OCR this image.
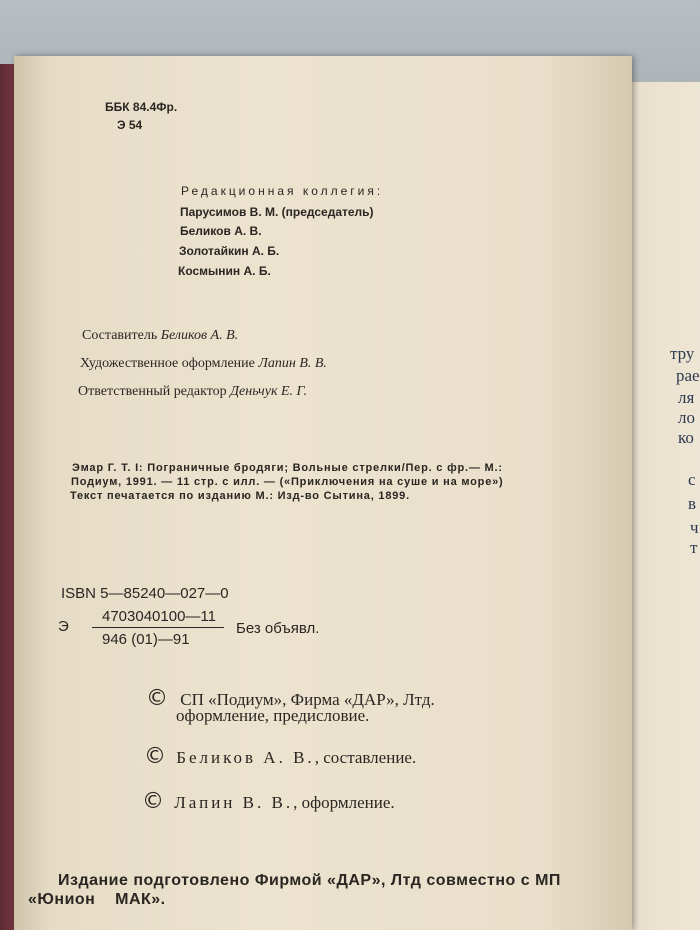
тру
рае
ля
ло
ко
с
в
ч
т
ББК 84.4Фр.
Э 54
Редакционная коллегия:
Парусимов В. М. (председатель)
Беликов А. В.
Золотайкин А. Б.
Космынин А. Б.
Составитель Беликов А. В.
Художественное оформление Лапин В. В.
Ответственный редактор Деньчук Е. Г.
Эмар Г. Т. I: Пограничные бродяги; Вольные стрелки/Пер. с фр.— М.:
Подиум, 1991. — 11 стр. с илл. — («Приключения на суше и на море»)
Текст печатается по изданию М.: Изд-во Сытина, 1899.
ISBN 5—85240—027—0
Э
4703040100—11
946 (01)—91
Без объявл.
© СП «Подиум», Фирма «ДАР», Лтд.
оформление, предисловие.
© Беликов А. В., составление.
© Лапин В. В., оформление.
Издание подготовлено Фирмой «ДАР», Лтд совместно с МП
«Юнион    МАК».
